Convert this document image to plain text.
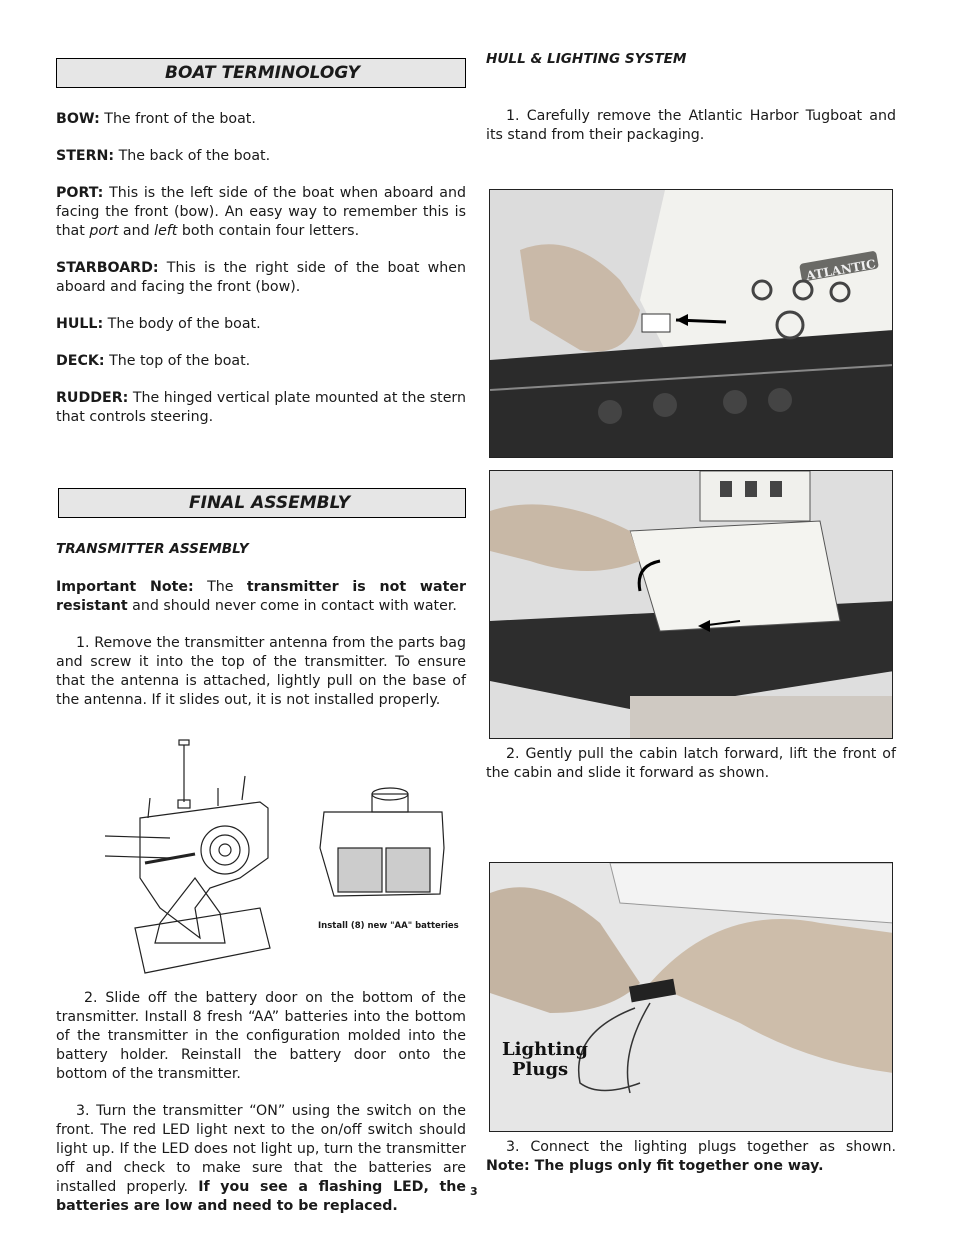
BOAT TERMINOLOGY

BOW: The front of the boat.

STERN: The back of the boat.

PORT: This is the left side of the boat when aboard and facing the front (bow). An easy way to remember this is that port and left both contain four letters.

STARBOARD: This is the right side of the boat when aboard and facing the front (bow).

HULL: The body of the boat.

DECK: The top of the boat.

RUDDER: The hinged vertical plate mounted at the stern that controls steering.

FINAL ASSEMBLY
TRANSMITTER ASSEMBLY

Important Note: The transmitter is not water resistant and should never come in contact with water.

1. Remove the transmitter antenna from the parts bag and screw it into the top of the transmitter. To ensure that the antenna is attached, lightly pull on the base of the antenna. If it slides out, it is not installed properly.

Install (8) new "AA" batteries

2. Slide off the battery door on the bottom of the transmitter. Install 8 fresh “AA” batteries into the bottom of the transmitter in the configuration molded into the battery holder. Reinstall the battery door onto the bottom of the transmitter.

3. Turn the transmitter “ON” using the switch on the front. The red LED light next to the on/off switch should light up. If the LED does not light up, turn the transmitter off and check to make sure that the batteries are installed properly. If you see a flashing LED, the batteries are low and need to be replaced.

HULL & LIGHTING SYSTEM

1. Carefully remove the Atlantic Harbor Tugboat and its stand from their packaging.

ATLANTIC

2. Gently pull the cabin latch forward, lift the front of the cabin and slide it forward as shown.

Lighting
Plugs

3. Connect the lighting plugs together as shown. Note: The plugs only fit together one way.

3
